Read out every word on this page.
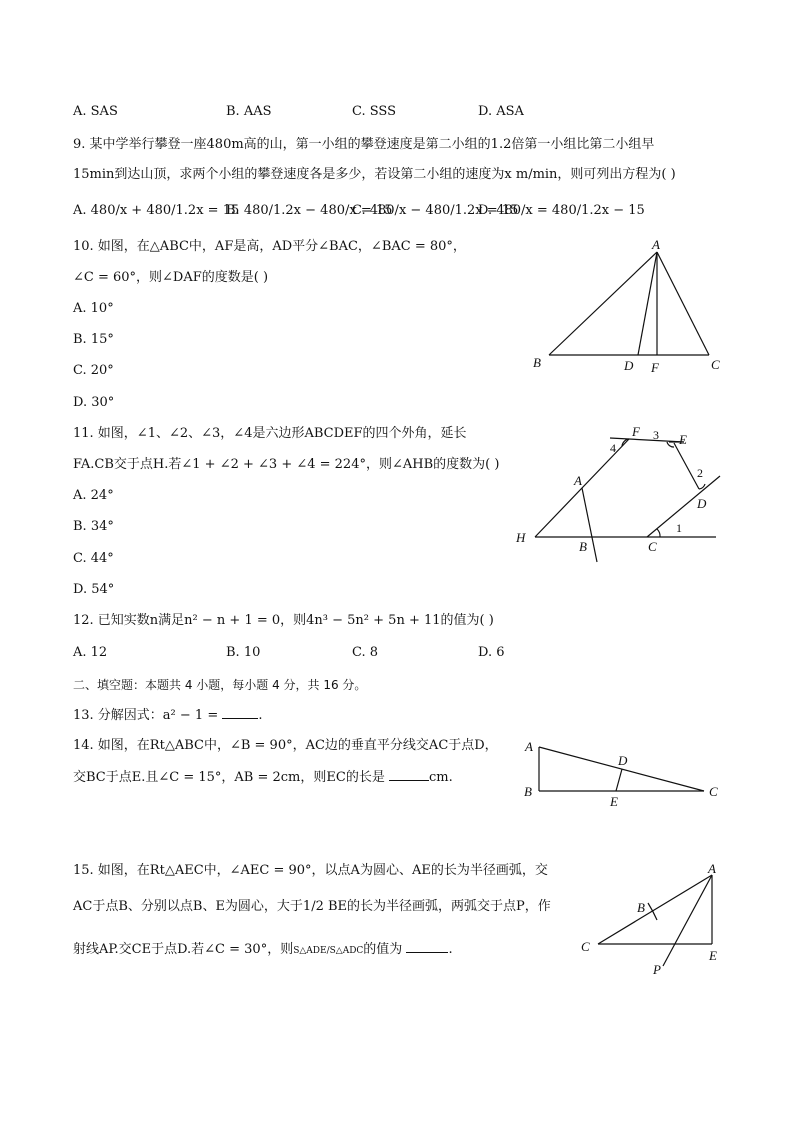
A. SAS	B. AAS	C. SSS	D. ASA
9. 某中学举行攀登一座480m高的山，第一小组的攀登速度是第二小组的1.2倍第一小组比第二小组早
15min到达山顶，求两个小组的攀登速度各是多少，若设第二小组的速度为x m/min，则可列出方程为( )
A. 480/x + 480/1.2x = 15
B. 480/1.2x − 480/x = 15
C. 480/x − 480/1.2x = 15
D. 480/x = 480/1.2x − 15
10. 如图，在△ABC中，AF是高，AD平分∠BAC，∠BAC = 80°，
∠C = 60°，则∠DAF的度数是( )
A. 10°
B. 15°
C. 20°
D. 30°
A
B	D F	C
11. 如图，∠1、∠2、∠3，∠4是六边形ABCDEF的四个外角，延长
FA.CB交于点H.若∠1 + ∠2 + ∠3 + ∠4 = 224°，则∠AHB的度数为( )
A. 24°
B. 34°
C. 44°
D. 54°
F 3 E
4
2
D
A
H
B	C
1
12. 已知实数n满足n² − n + 1 = 0，则4n³ − 5n² + 5n + 11的值为( )
A. 12	B. 10	C. 8	D. 6
二、填空题：本题共 4 小题，每小题 4 分，共 16 分。
13. 分解因式：a² − 1 =	.
14. 如图，在Rt△ABC中，∠B = 90°，AC边的垂直平分线交AC于点D，
交BC于点E.且∠C = 15°，AB = 2cm，则EC的长是	cm.
A
D
B
E
C
15. 如图，在Rt△AEC中，∠AEC = 90°，以点A为圆心、AE的长为半径画弧，交
AC于点B、分别以点B、E为圆心，大于1/2 BE的长为半径画弧，两弧交于点P，作
射线AP.交CE于点D.若∠C = 30°，则S△ADE/S△ADC的值为	.
A
B
C
E
P
